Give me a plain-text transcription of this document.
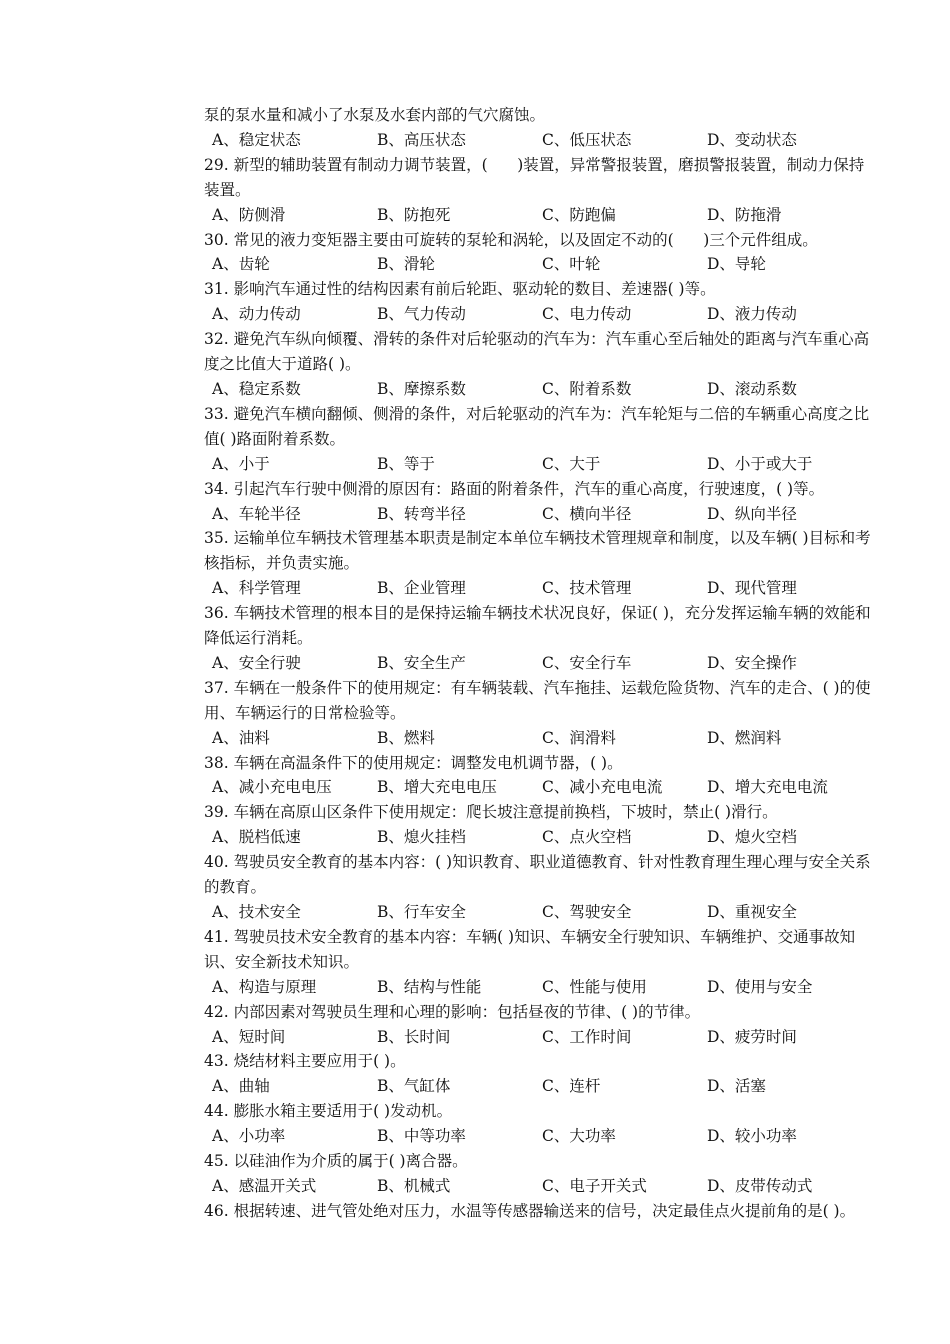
泵的泵水量和减小了水泵及水套内部的气穴腐蚀。
A、稳定状态	B、高压状态	C、低压状态	D、变动状态
29. 新型的辅助装置有制动力调节装置，(      )装置，异常警报装置，磨损警报装置，制动力保持装置。
A、防侧滑	B、防抱死	C、防跑偏	D、防拖滑
30. 常见的液力变矩器主要由可旋转的泵轮和涡轮，以及固定不动的(      )三个元件组成。
A、齿轮	B、滑轮	C、叶轮	D、导轮
31. 影响汽车通过性的结构因素有前后轮距、驱动轮的数目、差速器( )等。
A、动力传动	B、气力传动	C、电力传动	D、液力传动
32. 避免汽车纵向倾覆、滑转的条件对后轮驱动的汽车为：汽车重心至后轴处的距离与汽车重心高度之比值大于道路( )。
A、稳定系数	B、摩擦系数	C、附着系数	D、滚动系数
33. 避免汽车横向翻倾、侧滑的条件，对后轮驱动的汽车为：汽车轮矩与二倍的车辆重心高度之比值( )路面附着系数。
A、小于	B、等于	C、大于	D、小于或大于
34. 引起汽车行驶中侧滑的原因有：路面的附着条件，汽车的重心高度，行驶速度，( )等。
A、车轮半径	B、转弯半径	C、横向半径	D、纵向半径
35. 运输单位车辆技术管理基本职责是制定本单位车辆技术管理规章和制度，以及车辆( )目标和考核指标，并负责实施。
A、科学管理	B、企业管理	C、技术管理	D、现代管理
36. 车辆技术管理的根本目的是保持运输车辆技术状况良好，保证( )，充分发挥运输车辆的效能和降低运行消耗。
A、安全行驶	B、安全生产	C、安全行车	D、安全操作
37. 车辆在一般条件下的使用规定：有车辆装载、汽车拖挂、运载危险货物、汽车的走合、( )的使用、车辆运行的日常检验等。
A、油料	B、燃料	C、润滑料	D、燃润料
38. 车辆在高温条件下的使用规定：调整发电机调节器，( )。
A、减小充电电压	B、增大充电电压	C、减小充电电流	D、增大充电电流
39. 车辆在高原山区条件下使用规定：爬长坡注意提前换档，下坡时，禁止( )滑行。
A、脱档低速	B、熄火挂档	C、点火空档	D、熄火空档
40. 驾驶员安全教育的基本内容：( )知识教育、职业道德教育、针对性教育理生理心理与安全关系的教育。
A、技术安全	B、行车安全	C、驾驶安全	D、重视安全
41. 驾驶员技术安全教育的基本内容：车辆( )知识、车辆安全行驶知识、车辆维护、交通事故知识、安全新技术知识。
A、构造与原理	B、结构与性能	C、性能与使用	D、使用与安全
42. 内部因素对驾驶员生理和心理的影响：包括昼夜的节律、( )的节律。
A、短时间	B、长时间	C、工作时间	D、疲劳时间
43. 烧结材料主要应用于( )。
A、曲轴	B、气缸体	C、连杆	D、活塞
44. 膨胀水箱主要适用于( )发动机。
A、小功率	B、中等功率	C、大功率	D、较小功率
45. 以硅油作为介质的属于( )离合器。
A、感温开关式	B、机械式	C、电子开关式	D、皮带传动式
46. 根据转速、进气管处绝对压力，水温等传感器输送来的信号，决定最佳点火提前角的是( )。
